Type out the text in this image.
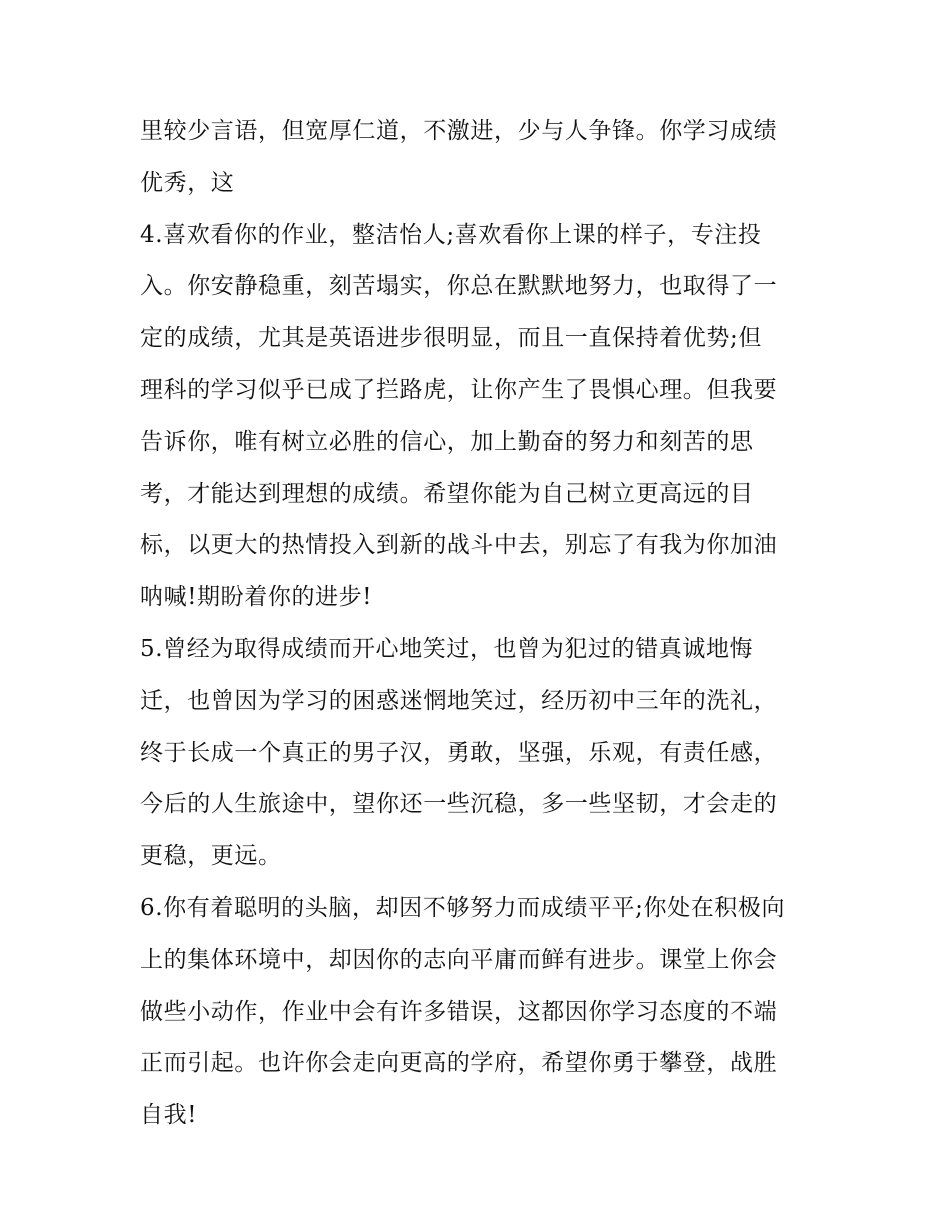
里较少言语，但宽厚仁道，不激进，少与人争锋。你学习成绩
优秀，这
4.喜欢看你的作业，整洁怡人;喜欢看你上课的样子，专注投
入。你安静稳重，刻苦塌实，你总在默默地努力，也取得了一
定的成绩，尤其是英语进步很明显，而且一直保持着优势;但
理科的学习似乎已成了拦路虎，让你产生了畏惧心理。但我要
告诉你，唯有树立必胜的信心，加上勤奋的努力和刻苦的思
考，才能达到理想的成绩。希望你能为自己树立更高远的目
标，以更大的热情投入到新的战斗中去，别忘了有我为你加油
呐喊!期盼着你的进步!
5.曾经为取得成绩而开心地笑过，也曾为犯过的错真诚地悔
迁，也曾因为学习的困惑迷惘地笑过，经历初中三年的洗礼，
终于长成一个真正的男子汉，勇敢，坚强，乐观，有责任感，
今后的人生旅途中，望你还一些沉稳，多一些坚韧，才会走的
更稳，更远。
6.你有着聪明的头脑，却因不够努力而成绩平平;你处在积极向
上的集体环境中，却因你的志向平庸而鲜有进步。课堂上你会
做些小动作，作业中会有许多错误，这都因你学习态度的不端
正而引起。也许你会走向更高的学府，希望你勇于攀登，战胜
自我!
